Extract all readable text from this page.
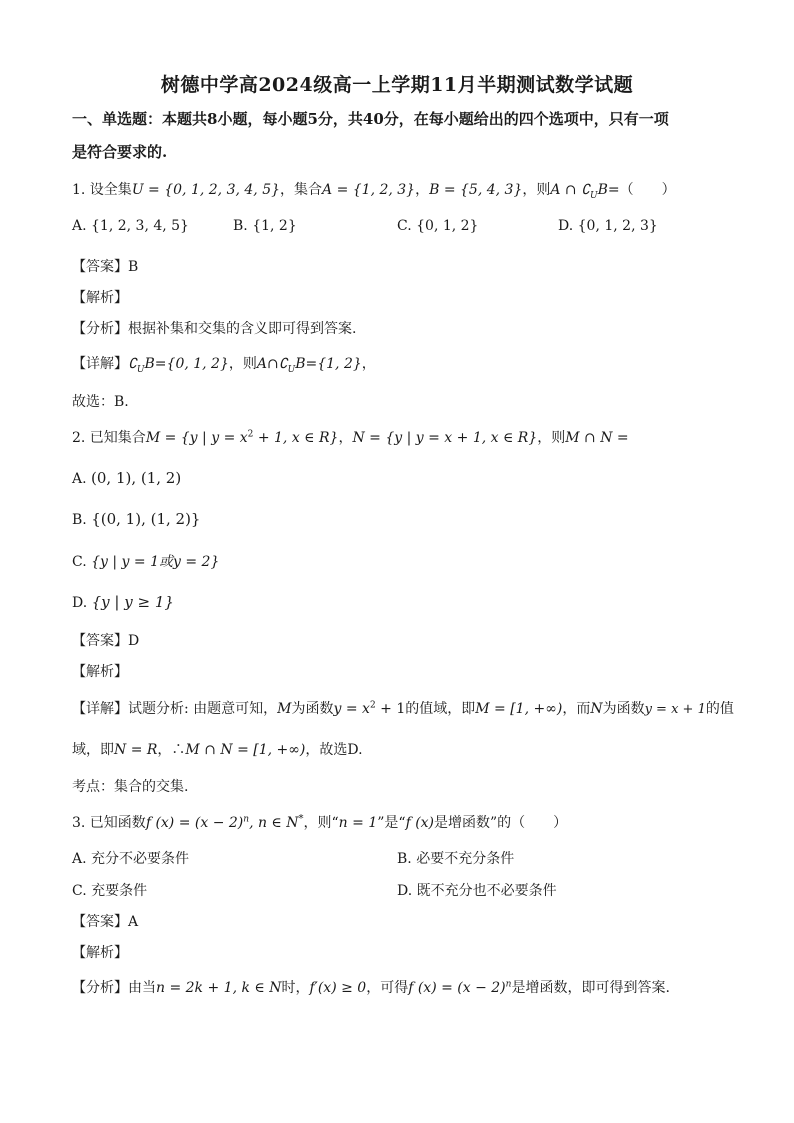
树德中学高2024级高一上学期11月半期测试数学试题
一、单选题：本题共8小题，每小题5分，共40分，在每小题给出的四个选项中，只有一项
是符合要求的.
1. 设全集U = {0, 1, 2, 3, 4, 5}，集合A = {1, 2, 3}，B = {5, 4, 3}，则A ∩ $∁_UB=$（　　）
A. {1, 2, 3, 4, 5}	B. {1, 2}	C. {0, 1, 2}	D. {0, 1, 2, 3}
【答案】B
【解析】
【分析】根据补集和交集的含义即可得到答案.
【详解】$∁_UB=\{0$, 1, 2}，则$A\cap∁_UB=\{1$, 2}，
故选：B.
2. 已知集合M = {y | $y = x^2 + 1$, x ∈ R}，N = {y | y = x + 1, x ∈ R}，则M ∩ N =
A. (0, 1), (1, 2)
B. {(0, 1), (1, 2)}
C. {y | y = 1或y = 2}
D. {y | y ≥ 1}
【答案】D
【解析】
【详解】试题分析: 由题意可知，M为函数$y = x^2 + 1$的值域，即M = [1, +∞)，而N为函数y = x + 1的值
域，即N = R，∴M ∩ N = [1, +∞)，故选D.
考点：集合的交集.
3. 已知函数f $(x) = (x - 2)^n$, n ∈ N*，则“n = 1”是“f (x)是增函数”的（　　）
A. 充分不必要条件	B. 必要不充分条件
C. 充要条件	D. 既不充分也不必要条件
【答案】A
【解析】
【分析】由当n = 2k + 1, k ∈ N时，f′(x) ≥ 0，可得f $(x) = (x - 2)^n$是增函数，即可得到答案.
